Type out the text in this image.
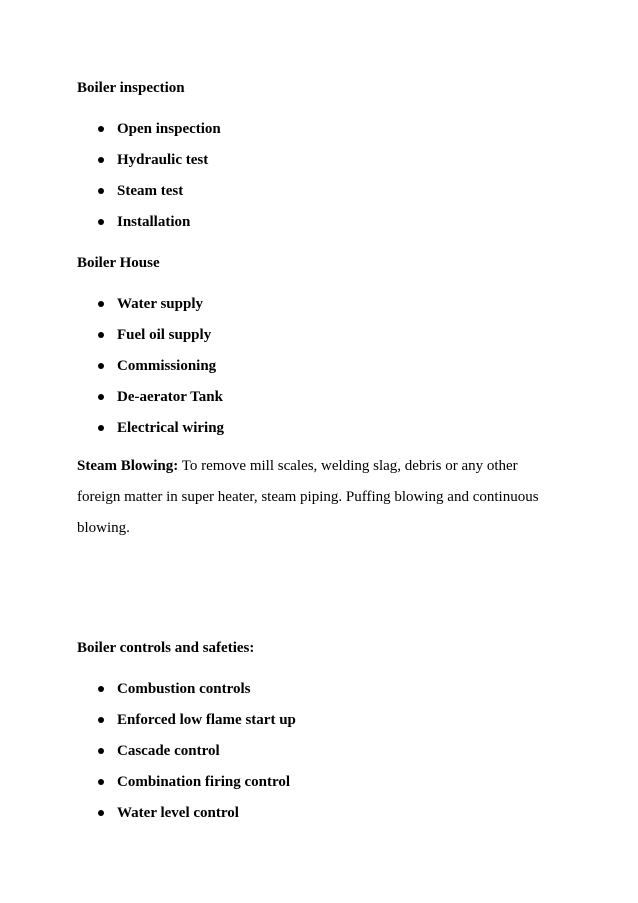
Boiler inspection
Open inspection
Hydraulic test
Steam test
Installation
Boiler House
Water supply
Fuel oil supply
Commissioning
De-aerator Tank
Electrical wiring

Steam Blowing: To remove mill scales, welding slag, debris or any other foreign matter in super heater, steam piping. Puffing blowing and continuous blowing.

Boiler controls and safeties:
Combustion controls
Enforced low flame start up
Cascade control
Combination firing control
Water level control
